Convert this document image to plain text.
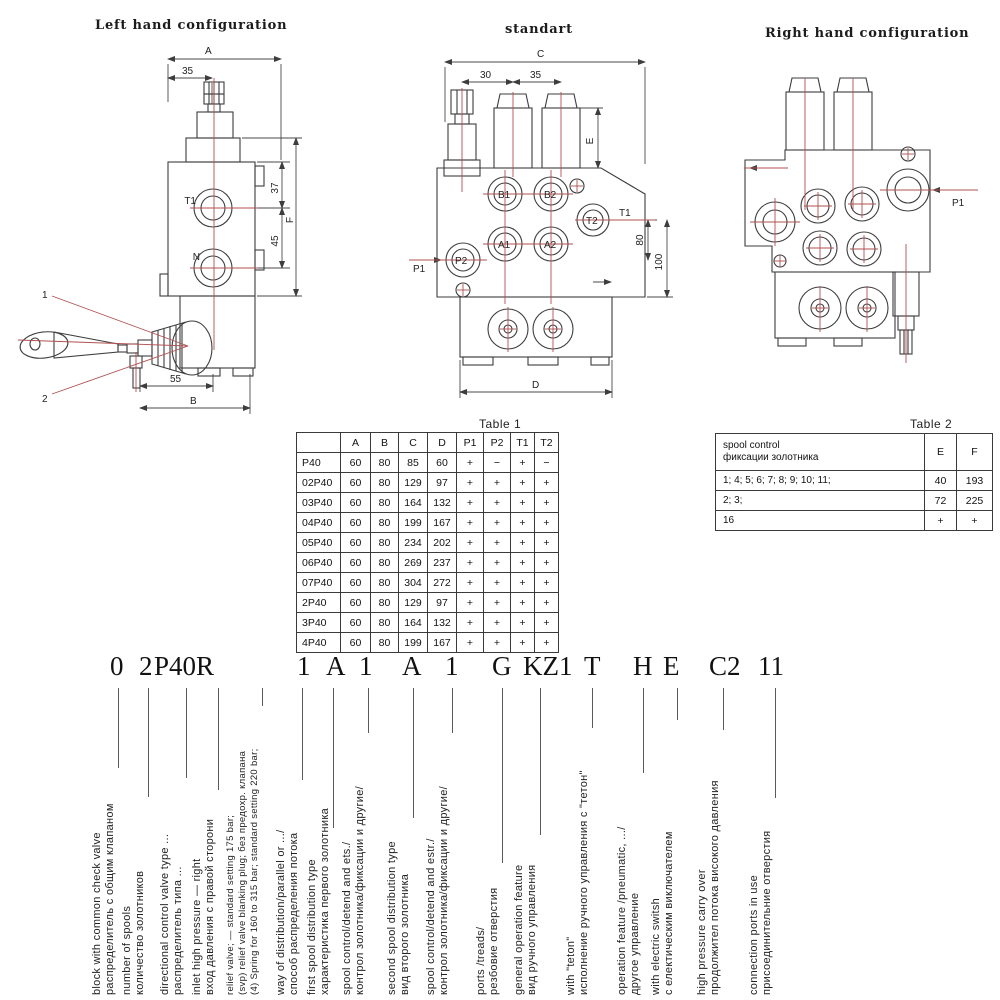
Left hand configuration	standart	Right hand configuration
A
35
T1
N
37
45
F
55
B
1
2
C
30	35
E
B1	B2
T2
T1
A1	A2
P2
P1
80
100
D
P1
Table 1
	A	B	C	D	P1	P2	T1	T2
P40	60	80	85	60	+	−	+	−
02P40	60	80	129	97	+	+	+	+
03P40	60	80	164	132	+	+	+	+
04P40	60	80	199	167	+	+	+	+
05P40	60	80	234	202	+	+	+	+
06P40	60	80	269	237	+	+	+	+
07P40	60	80	304	272	+	+	+	+
2P40	60	80	129	97	+	+	+	+
3P40	60	80	164	132	+	+	+	+
4P40	60	80	199	167	+	+	+	+
Table 2
spool control
фиксации золотника	E	F
1; 4; 5; 6; 7; 8; 9; 10; 11;	40	193
2; 3;	72	225
16	+	+
0 2 P40R	1 A 1 A 1 G KZ1 T H E C2 11
block with common check valve распределитель с общим клапаном number of spools количество золотников directional control valve type ... распределитель типа ... inlet high pressure — right вход давления с правой сторони relief valve; — standard setting 175 bar; (svp) relief valve blanking plug; без предохр. клапана (4) Spring for 160 to 315 bar; standard setting 220 bar; way of distribution/parallel or .../ способ распределения потока first spool distribution type характеристика первого золотника spool control/detend and ets./ контрол золотника/фиксации и другие/ second spool distribution type вид второго золотника spool control/detend and estr./ контрол золотника/фиксации и другие/ ports /treads/ резбовие отверстия general operation feature вид ручного управления with "teton" исполнение ручного управления с "тетон" operation feature /pneumatic, .../ другое управление with electric switsh с електическим виключателем high pressure carry over продолжител потока високого давления connection ports in use присоединительние отверстия
